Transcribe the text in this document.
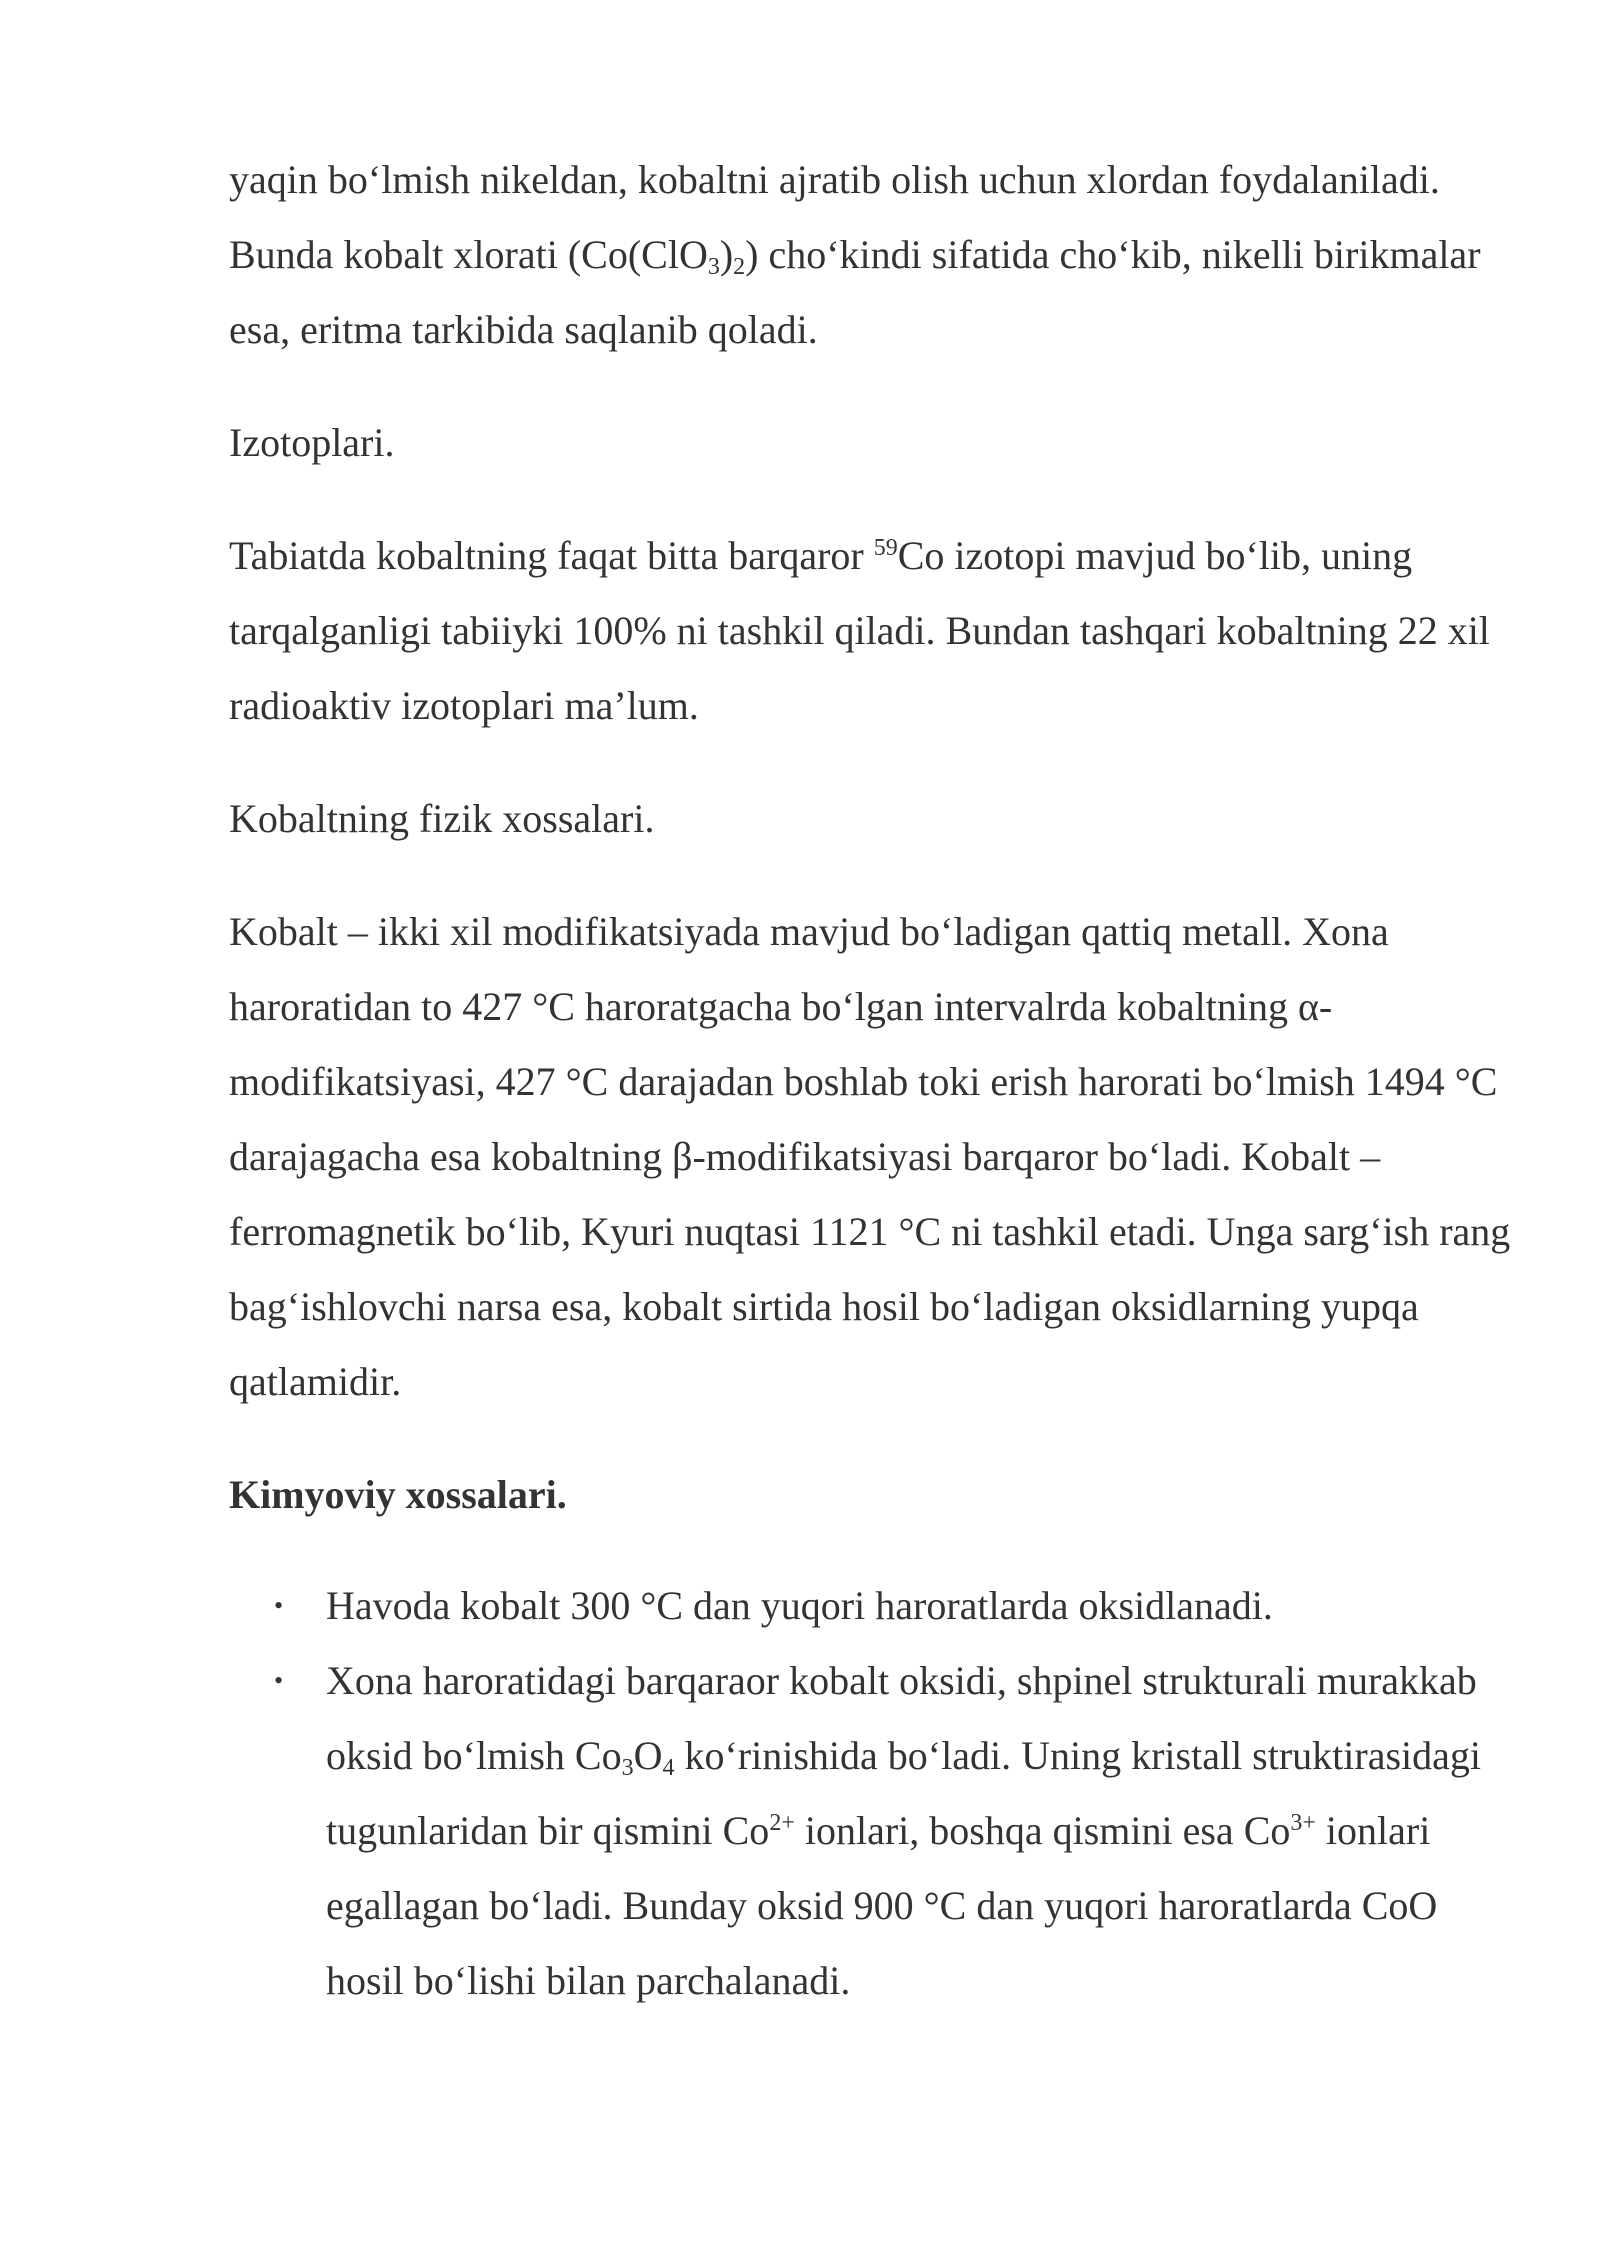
yaqin bo‘lmish nikeldan, kobaltni ajratib olish uchun xlordan foydalaniladi. Bunda kobalt xlorati $(Co(ClO_3)_2)$ cho‘kindi sifatida cho‘kib, nikelli birikmalar esa, eritma tarkibida saqlanib qoladi.

Izotoplari.

Tabiatda kobaltning faqat bitta barqaror $^{59}$Co izotopi mavjud bo‘lib, uning tarqalganligi tabiiyki 100% ni tashkil qiladi. Bundan tashqari kobaltning 22 xil radioaktiv izotoplari ma’lum.

Kobaltning fizik xossalari.

Kobalt – ikki xil modifikatsiyada mavjud bo‘ladigan qattiq metall. Xona haroratidan to 427 °C haroratgacha bo‘lgan intervalrda kobaltning α-modifikatsiyasi, 427 °C darajadan boshlab toki erish harorati bo‘lmish 1494 °C darajagacha esa kobaltning β-modifikatsiyasi barqaror bo‘ladi. Kobalt – ferromagnetik bo‘lib, Kyuri nuqtasi 1121 °C ni tashkil etadi. Unga sarg‘ish rang bag‘ishlovchi narsa esa, kobalt sirtida hosil bo‘ladigan oksidlarning yupqa qatlamidir.

Kimyoviy xossalari.

• Havoda kobalt 300 °C dan yuqori haroratlarda oksidlanadi.
• Xona haroratidagi barqaraor kobalt oksidi, shpinel strukturali murakkab oksid bo‘lmish $Co_3O_4$ ko‘rinishida bo‘ladi. Uning kristall struktirasidagi tugunlaridan bir qismini $Co^{2+}$ ionlari, boshqa qismini esa $Co^{3+}$ ionlari egallagan bo‘ladi. Bunday oksid 900 °C dan yuqori haroratlarda CoO hosil bo‘lishi bilan parchalanadi.
